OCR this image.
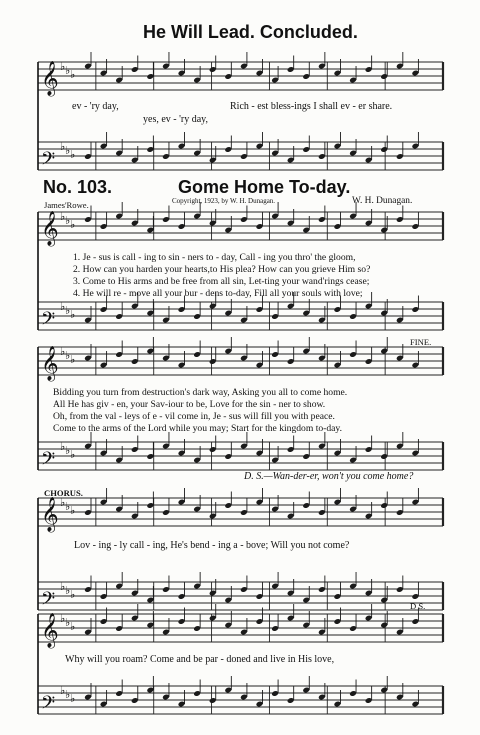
𝄞 ♭ ♭ ♭
𝄢
♭ ♭ ♭
𝄞 ♭ ♭ ♭
𝄢
♭ ♭ ♭
𝄞 ♭ ♭ ♭
𝄢
♭ ♭ ♭
𝄞 ♭ ♭ ♭
𝄢
♭ ♭ ♭
𝄞 ♭ ♭ ♭
𝄢
♭ ♭ ♭
He Will Lead. Concluded.
ev - 'ry day,
yes, ev - 'ry day,
Rich - est bless-ings I shall ev - er share.
No. 103.	Gome Home To-day.
James'Rowe.	Copyright, 1923, by W. H. Dunagan.	W. H. Dunagan.
1. Je - sus is call - ing to sin - ners to - day, Call - ing you thro' the gloom,
2. How can you harden your hearts,to His plea? How can you grieve Him so?
3. Come to His arms and be free from all sin, Let-ting your wand'rings cease;
4. He will re - move all your bur - dens to-day, Fill all your souls with love;
Bidding you turn from destruction's dark way, Asking you all to come home.
All He has giv - en, your Sav-iour to be, Love for the sin - ner to show.
Oh, from the val - leys of e - vil come in, Je - sus will fill you with peace.
Come to the arms of the Lord while you may; Start for the kingdom to-day.
FINE.
D. S.—Wan-der-er, won't you come home?
CHORUS.
Lov - ing - ly call - ing, He's bend - ing a - bove; Will you not come?
D S.
Why will you roam? Come and be par - doned and live in His love,
